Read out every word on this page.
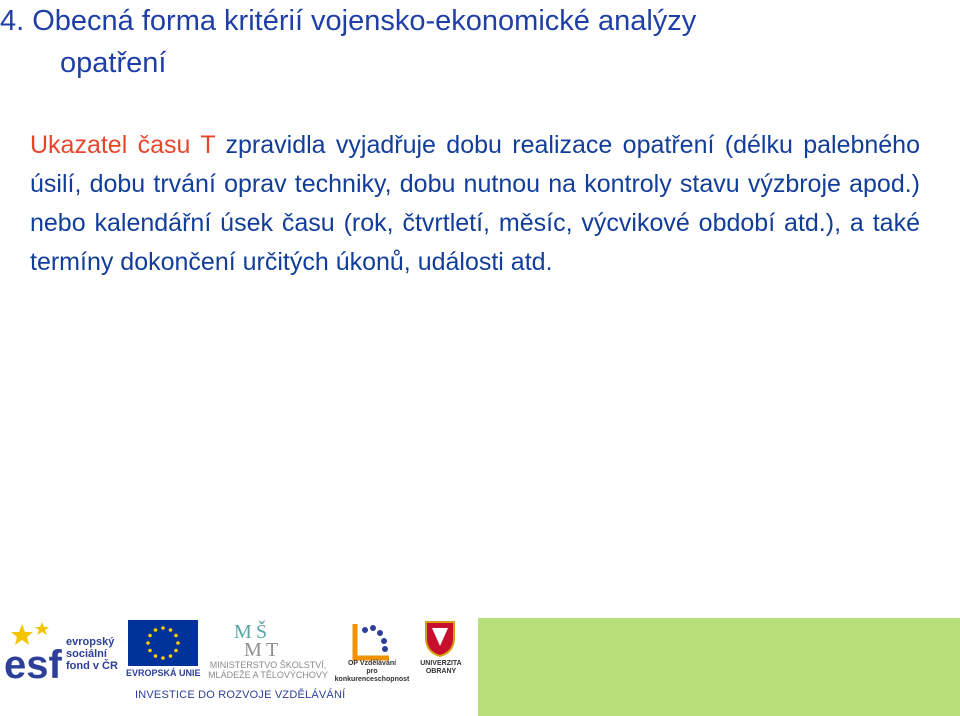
4. Obecná forma kritérií vojensko-ekonomické analýzy
opatření

Ukazatel času T zpravidla vyjadřuje dobu realizace opatření (délku palebného úsilí, dobu trvání oprav techniky, dobu nutnou na kontroly stavu výzbroje apod.) nebo kalendářní úsek času (rok, čtvrtletí, měsíc, výcvikové období atd.), a také termíny dokončení určitých úkonů, události atd.

esf
evropský
sociální
fond v ČR
EVROPSKÁ UNIE
M Š
M T
MINISTERSTVO ŠKOLSTVÍ,
MLÁDEŽE A TĚLOVÝCHOVY
OP Vzdělávání
pro konkurenceschopnost
UNIVERZITA
OBRANY
INVESTICE DO ROZVOJE VZDĚLÁVÁNÍ
